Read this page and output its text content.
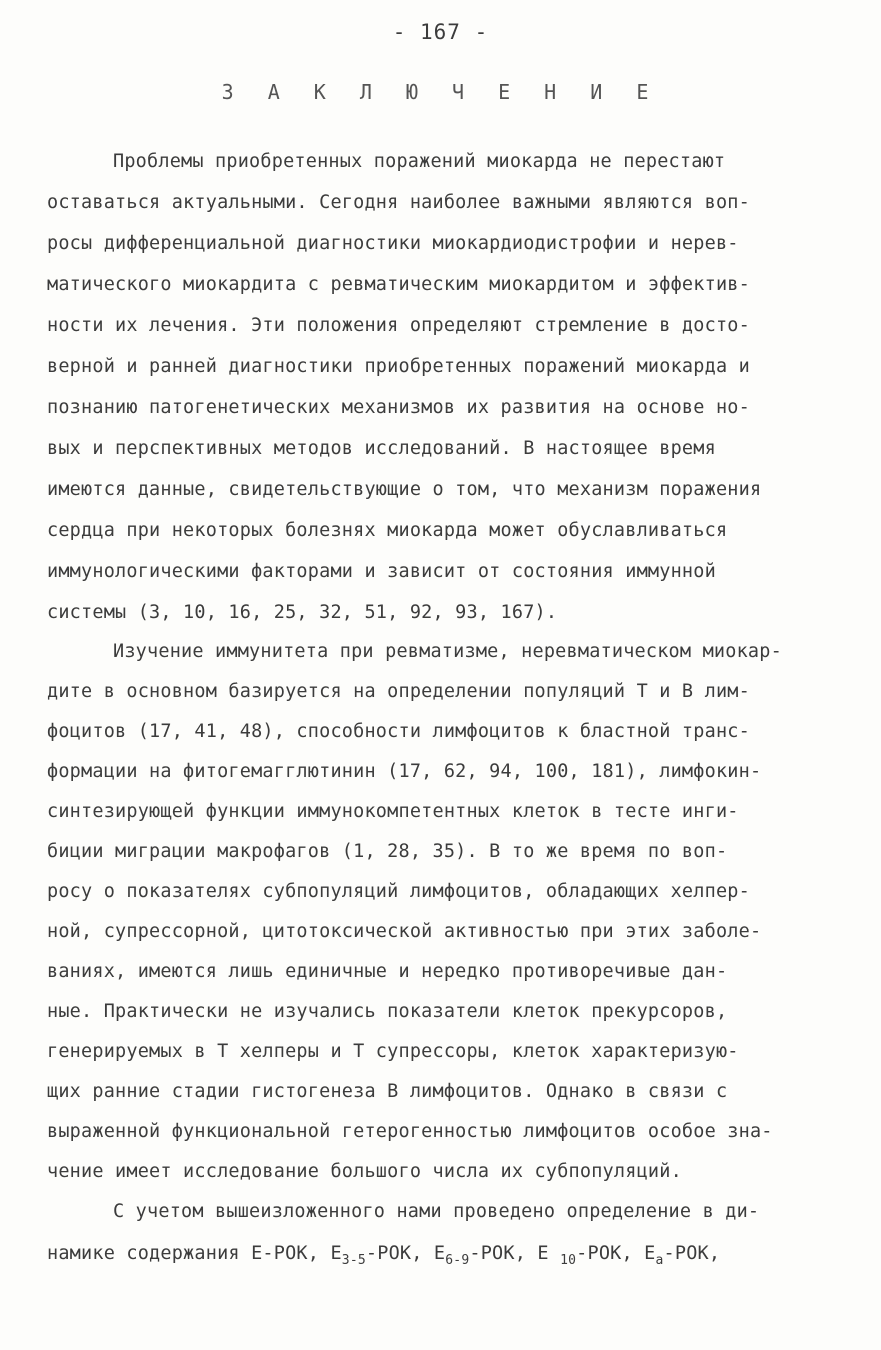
- 167 -
З А К Л Ю Ч Е Н И Е
Проблемы приобретенных поражений миокарда не перестают
оставаться актуальными. Сегодня наиболее важными являются воп-
росы дифференциальной диагностики миокардиодистрофии и нерев-
матического миокардита с ревматическим миокардитом и эффектив-
ности их лечения. Эти положения определяют стремление в досто-
верной и ранней диагностики приобретенных поражений миокарда и
познанию патогенетических механизмов их развития на основе но-
вых и перспективных методов исследований. В настоящее время
имеются данные, свидетельствующие о том, что механизм поражения
сердца при некоторых болезнях миокарда может обуславливаться
иммунологическими факторами и зависит от состояния иммунной
системы (3, 10, 16, 25, 32, 51, 92, 93, 167).
Изучение иммунитета при ревматизме, неревматическом миокар-
дите в основном базируется на определении популяций Т и В лим-
фоцитов (17, 41, 48), способности лимфоцитов к бластной транс-
формации на фитогемагглютинин (17, 62, 94, 100, 181), лимфокин-
синтезирующей функции иммунокомпетентных клеток в тесте инги-
биции миграции макрофагов (1, 28, 35). В то же время по воп-
росу о показателях субпопуляций лимфоцитов, обладающих хелпер-
ной, супрессорной, цитотоксической активностью при этих заболе-
ваниях, имеются лишь единичные и нередко противоречивые дан-
ные. Практически не изучались показатели клеток прекурсоров,
генерируемых в Т хелперы и Т супрессоры, клеток характеризую-
щих ранние стадии гистогенеза В лимфоцитов. Однако в связи с
выраженной функциональной гетерогенностью лимфоцитов особое зна-
чение имеет исследование большого числа их субпопуляций.
С учетом вышеизложенного нами проведено определение в ди-
намике содержания Е-РОК, $Е_{3-5}$-РОК, $Е_{6-9}$-РОК, Е $_{10}$-РОК, $Е_а$-РОК,
